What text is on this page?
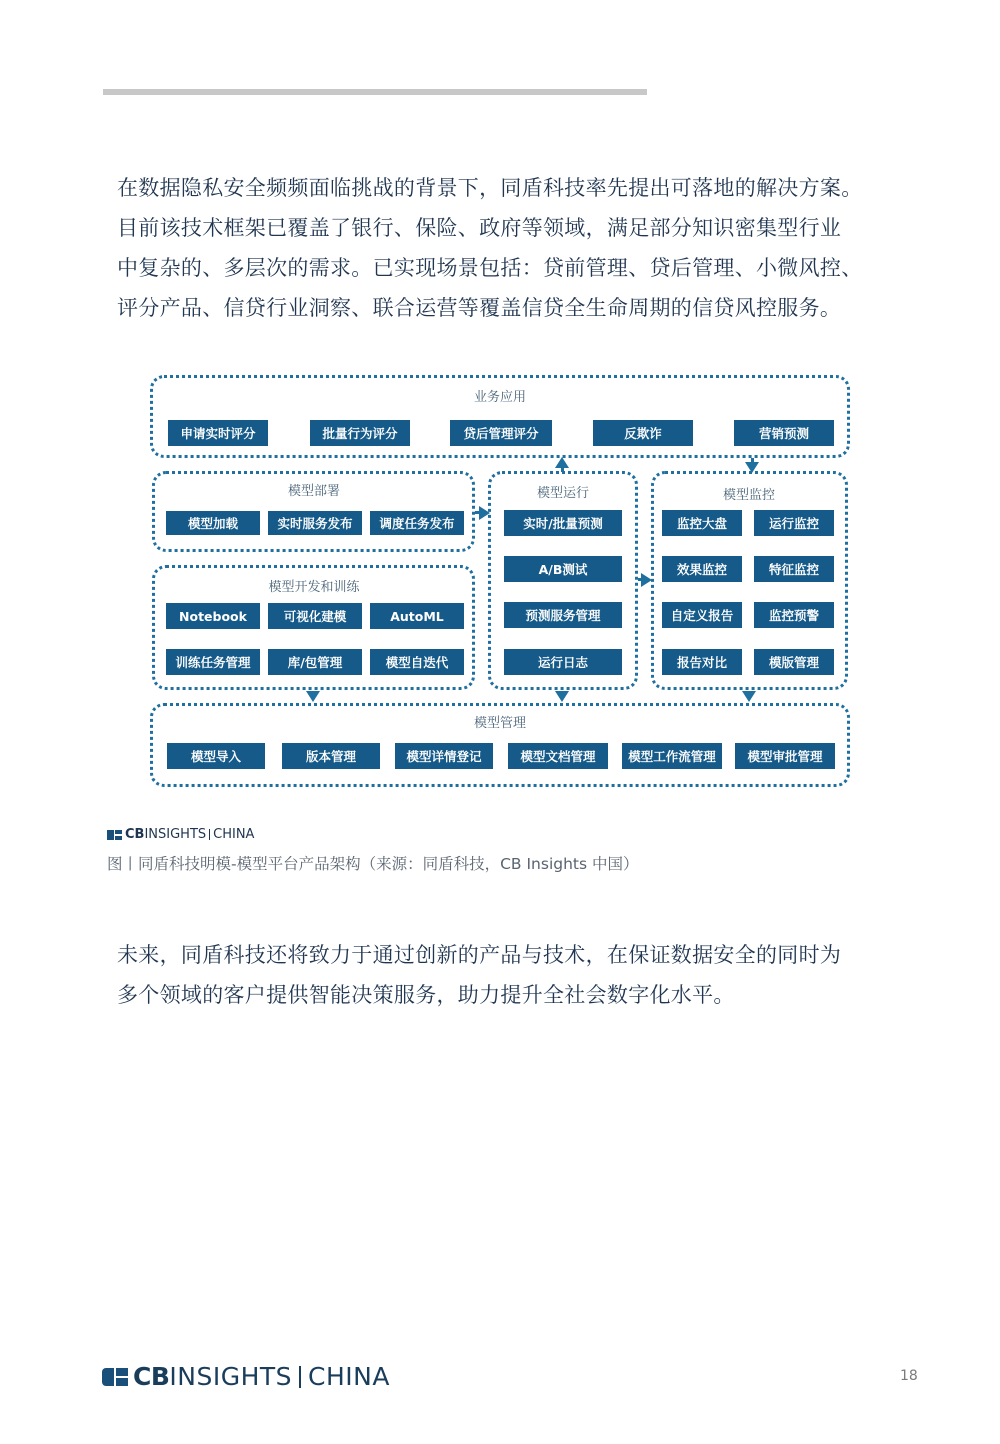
在数据隐私安全频频面临挑战的背景下，同盾科技率先提出可落地的解决方案。
目前该技术框架已覆盖了银行、保险、政府等领域，满足部分知识密集型行业
中复杂的、多层次的需求。已实现场景包括：贷前管理、贷后管理、小微风控、
评分产品、信贷行业洞察、联合运营等覆盖信贷全生命周期的信贷风控服务。

业务应用
申请实时评分	批量行为评分	贷后管理评分	反欺诈	营销预测
模型部署
模型加载	实时服务发布	调度任务发布
模型开发和训练
Notebook	可视化建模	AutoML
训练任务管理	库/包管理	模型自迭代
模型运行
实时/批量预测
A/B测试
预测服务管理
运行日志
模型监控
监控大盘	运行监控
效果监控	特征监控
自定义报告	监控预警
报告对比	模版管理
模型管理
模型导入	版本管理	模型详情登记	模型文档管理	模型工作流管理	模型审批管理
CB INSIGHTS CHINA
图丨同盾科技明模-模型平台产品架构（来源：同盾科技，CB Insights 中国）

未来，同盾科技还将致力于通过创新的产品与技术，在保证数据安全的同时为
多个领域的客户提供智能决策服务，助力提升全社会数字化水平。

CB INSIGHTS CHINA	18
